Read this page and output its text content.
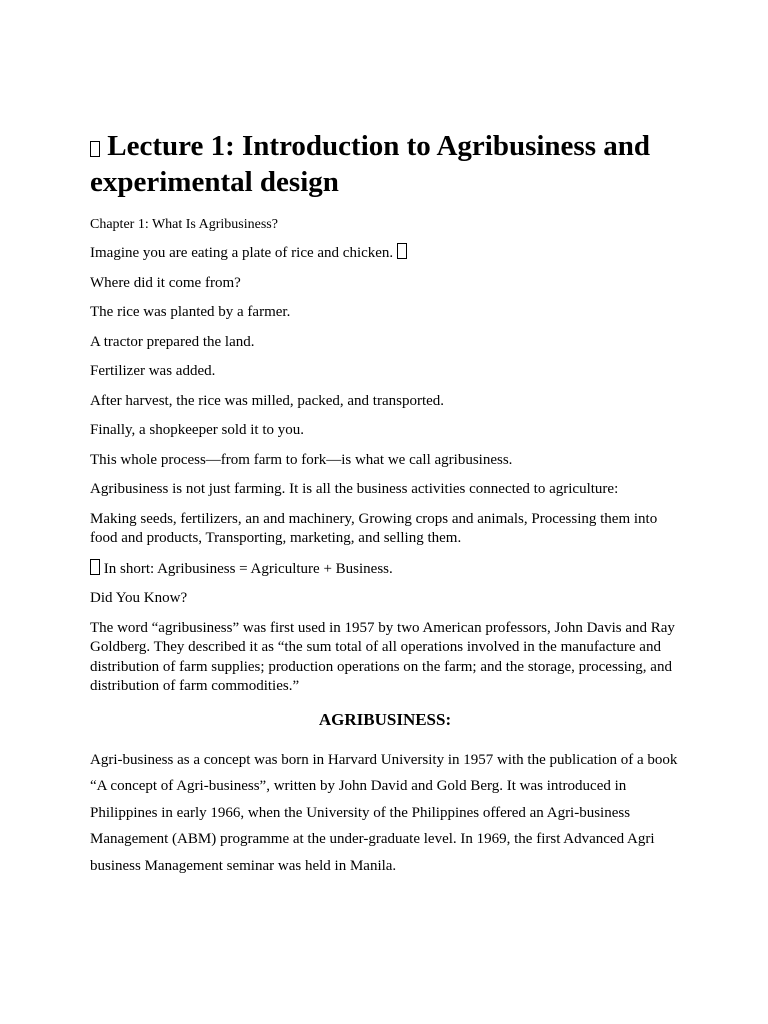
Lecture 1: Introduction to Agribusiness and experimental design
Chapter 1: What Is Agribusiness?
Imagine you are eating a plate of rice and chicken.
Where did it come from?
The rice was planted by a farmer.
A tractor prepared the land.
Fertilizer was added.
After harvest, the rice was milled, packed, and transported.
Finally, a shopkeeper sold it to you.
This whole process—from farm to fork—is what we call agribusiness.
Agribusiness is not just farming. It is all the business activities connected to agriculture:
Making seeds, fertilizers, an and machinery, Growing crops and animals, Processing them into food and products, Transporting, marketing, and selling them.
In short: Agribusiness = Agriculture + Business.
Did You Know?
The word “agribusiness” was first used in 1957 by two American professors, John Davis and Ray Goldberg. They described it as “the sum total of all operations involved in the manufacture and distribution of farm supplies; production operations on the farm; and the storage, processing, and distribution of farm commodities.”
AGRIBUSINESS:
Agri-business as a concept was born in Harvard University in 1957 with the publication of a book “A concept of Agri-business”, written by John David and Gold Berg. It was introduced in Philippines in early 1966, when the University of the Philippines offered an Agri-business Management (ABM) programme at the under-graduate level. In 1969, the first Advanced Agri business Management seminar was held in Manila.
